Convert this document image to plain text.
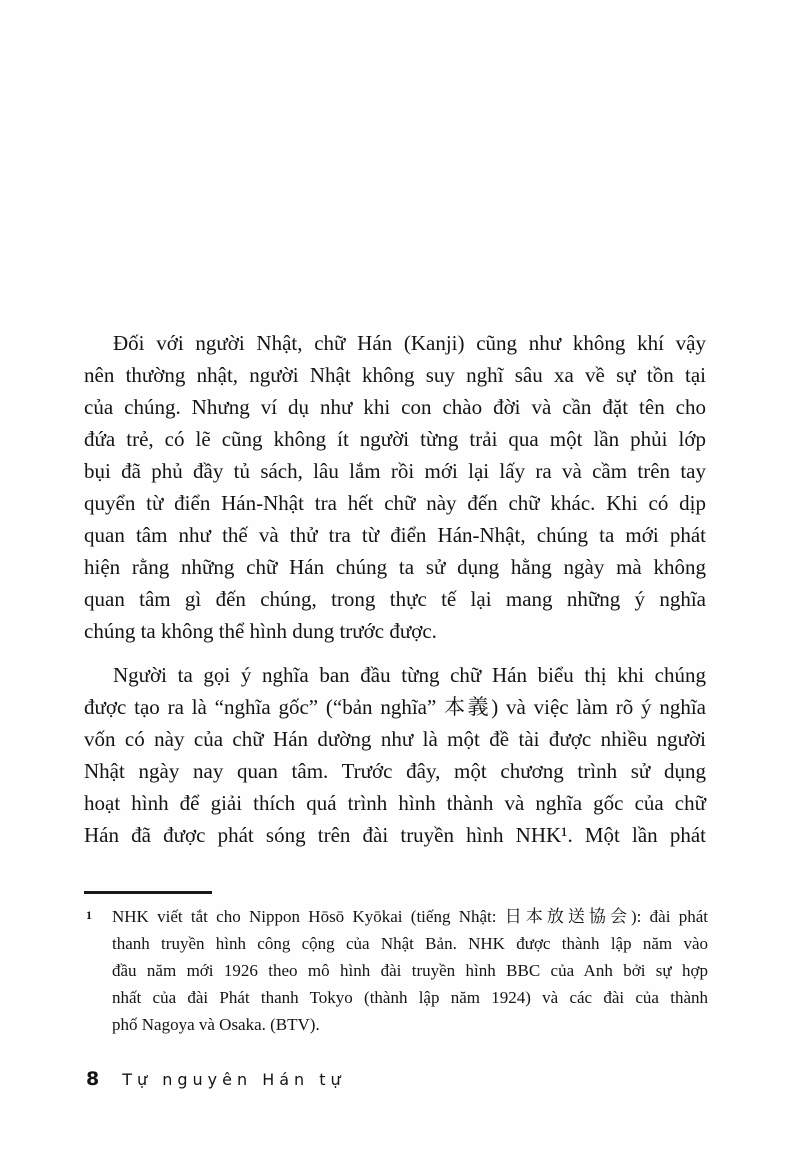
Đối với người Nhật, chữ Hán (Kanji) cũng như không khí vậy
nên thường nhật, người Nhật không suy nghĩ sâu xa về sự tồn tại
của chúng. Nhưng ví dụ như khi con chào đời và cần đặt tên cho
đứa trẻ, có lẽ cũng không ít người từng trải qua một lần phủi lớp
bụi đã phủ đầy tủ sách, lâu lắm rồi mới lại lấy ra và cầm trên tay
quyển từ điển Hán-Nhật tra hết chữ này đến chữ khác. Khi có dịp
quan tâm như thế và thử tra từ điển Hán-Nhật, chúng ta mới phát
hiện rằng những chữ Hán chúng ta sử dụng hằng ngày mà không
quan tâm gì đến chúng, trong thực tế lại mang những ý nghĩa
chúng ta không thể hình dung trước được.
Người ta gọi ý nghĩa ban đầu từng chữ Hán biểu thị khi chúng
được tạo ra là “nghĩa gốc” (“bản nghĩa” 本義) và việc làm rõ ý nghĩa
vốn có này của chữ Hán dường như là một đề tài được nhiều người
Nhật ngày nay quan tâm. Trước đây, một chương trình sử dụng
hoạt hình để giải thích quá trình hình thành và nghĩa gốc của chữ
Hán đã được phát sóng trên đài truyền hình NHK¹. Một lần phát
1 NHK viết tắt cho Nippon Hōsō Kyōkai (tiếng Nhật: 日本放送協会): đài phát
thanh truyền hình công cộng của Nhật Bản. NHK được thành lập năm vào
đầu năm mới 1926 theo mô hình đài truyền hình BBC của Anh bởi sự hợp
nhất của đài Phát thanh Tokyo (thành lập năm 1924) và các đài của thành
phố Nagoya và Osaka. (BTV).
8 Tự nguyên Hán tự
